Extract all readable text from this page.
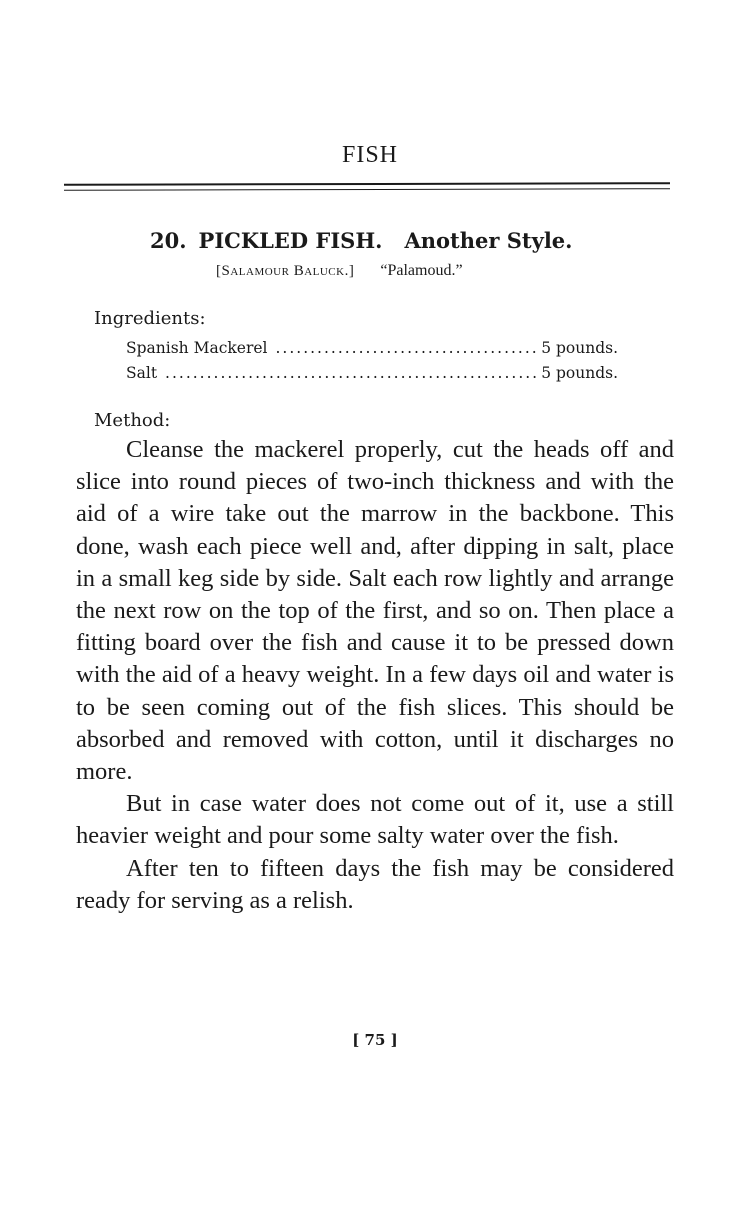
FISH
20. PICKLED FISH. Another Style.
[Salamour Baluck.] “Palamoud.”
Ingredients:
Spanish Mackerel .....	5 pounds.
Salt .....	5 pounds.
Method:

Cleanse the mackerel properly, cut the heads off and slice into round pieces of two-inch thickness and with the aid of a wire take out the marrow in the backbone. This done, wash each piece well and, after dipping in salt, place in a small keg side by side. Salt each row lightly and arrange the next row on the top of the first, and so on. Then place a fitting board over the fish and cause it to be pressed down with the aid of a heavy weight. In a few days oil and water is to be seen coming out of the fish slices. This should be absorbed and removed with cotton, until it discharges no more.

But in case water does not come out of it, use a still heavier weight and pour some salty water over the fish.

After ten to fifteen days the fish may be considered ready for serving as a relish.

[ 75 ]
